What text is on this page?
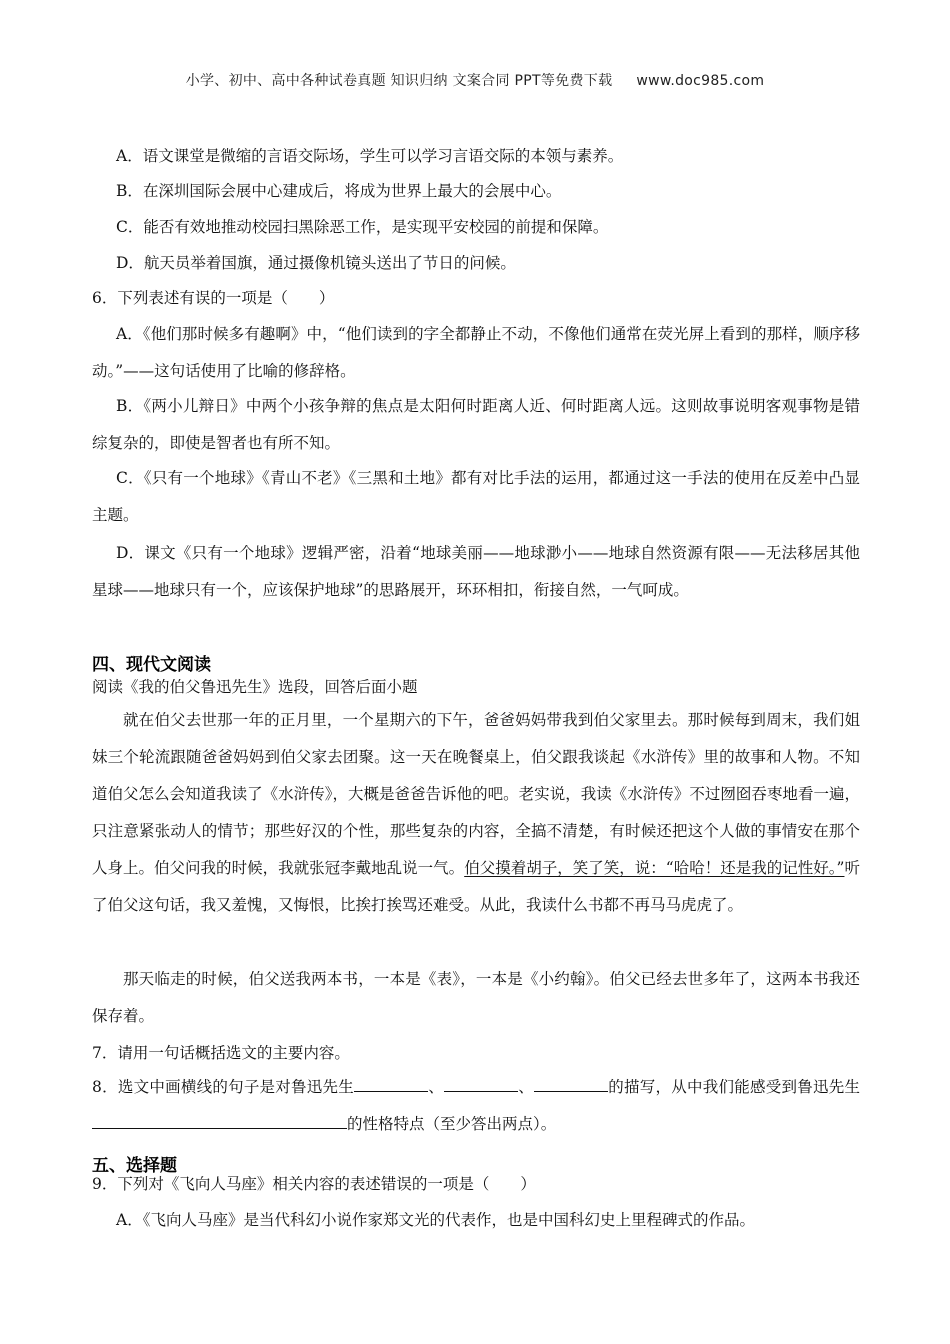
小学、初中、高中各种试卷真题 知识归纳 文案合同 PPT等免费下载 www.doc985.com
A．语文课堂是微缩的言语交际场，学生可以学习言语交际的本领与素养。
B．在深圳国际会展中心建成后，将成为世界上最大的会展中心。
C．能否有效地推动校园扫黑除恶工作，是实现平安校园的前提和保障。
D．航天员举着国旗，通过摄像机镜头送出了节日的问候。
6．下列表述有误的一项是（　　）
A．《他们那时候多有趣啊》中，“他们读到的字全都静止不动，不像他们通常在荧光屏上看到的那样，顺序移动。”——这句话使用了比喻的修辞格。
B．《两小儿辩日》中两个小孩争辩的焦点是太阳何时距离人近、何时距离人远。这则故事说明客观事物是错综复杂的，即使是智者也有所不知。
C．《只有一个地球》《青山不老》《三黑和土地》都有对比手法的运用，都通过这一手法的使用在反差中凸显主题。
D．课文《只有一个地球》逻辑严密，沿着“地球美丽——地球渺小——地球自然资源有限——无法移居其他星球——地球只有一个，应该保护地球”的思路展开，环环相扣，衔接自然，一气呵成。
四、现代文阅读
阅读《我的伯父鲁迅先生》选段，回答后面小题
就在伯父去世那一年的正月里，一个星期六的下午，爸爸妈妈带我到伯父家里去。那时候每到周末，我们姐妹三个轮流跟随爸爸妈妈到伯父家去团聚。这一天在晚餐桌上，伯父跟我谈起《水浒传》里的故事和人物。不知道伯父怎么会知道我读了《水浒传》，大概是爸爸告诉他的吧。老实说，我读《水浒传》不过囫囵吞枣地看一遍，只注意紧张动人的情节；那些好汉的个性，那些复杂的内容，全搞不清楚，有时候还把这个人做的事情安在那个人身上。伯父问我的时候，我就张冠李戴地乱说一气。伯父摸着胡子，笑了笑，说：“哈哈！还是我的记性好。”听了伯父这句话，我又羞愧，又悔恨，比挨打挨骂还难受。从此，我读什么书都不再马马虎虎了。
那天临走的时候，伯父送我两本书，一本是《表》，一本是《小约翰》。伯父已经去世多年了，这两本书我还保存着。
7．请用一句话概括选文的主要内容。
8．选文中画横线的句子是对鲁迅先生	、	、	的描写，从中我们能感受到鲁迅先生的性格特点（至少答出两点）。
五、选择题
9．下列对《飞向人马座》相关内容的表述错误的一项是（　　）
A．《飞向人马座》是当代科幻小说作家郑文光的代表作，也是中国科幻史上里程碑式的作品。
